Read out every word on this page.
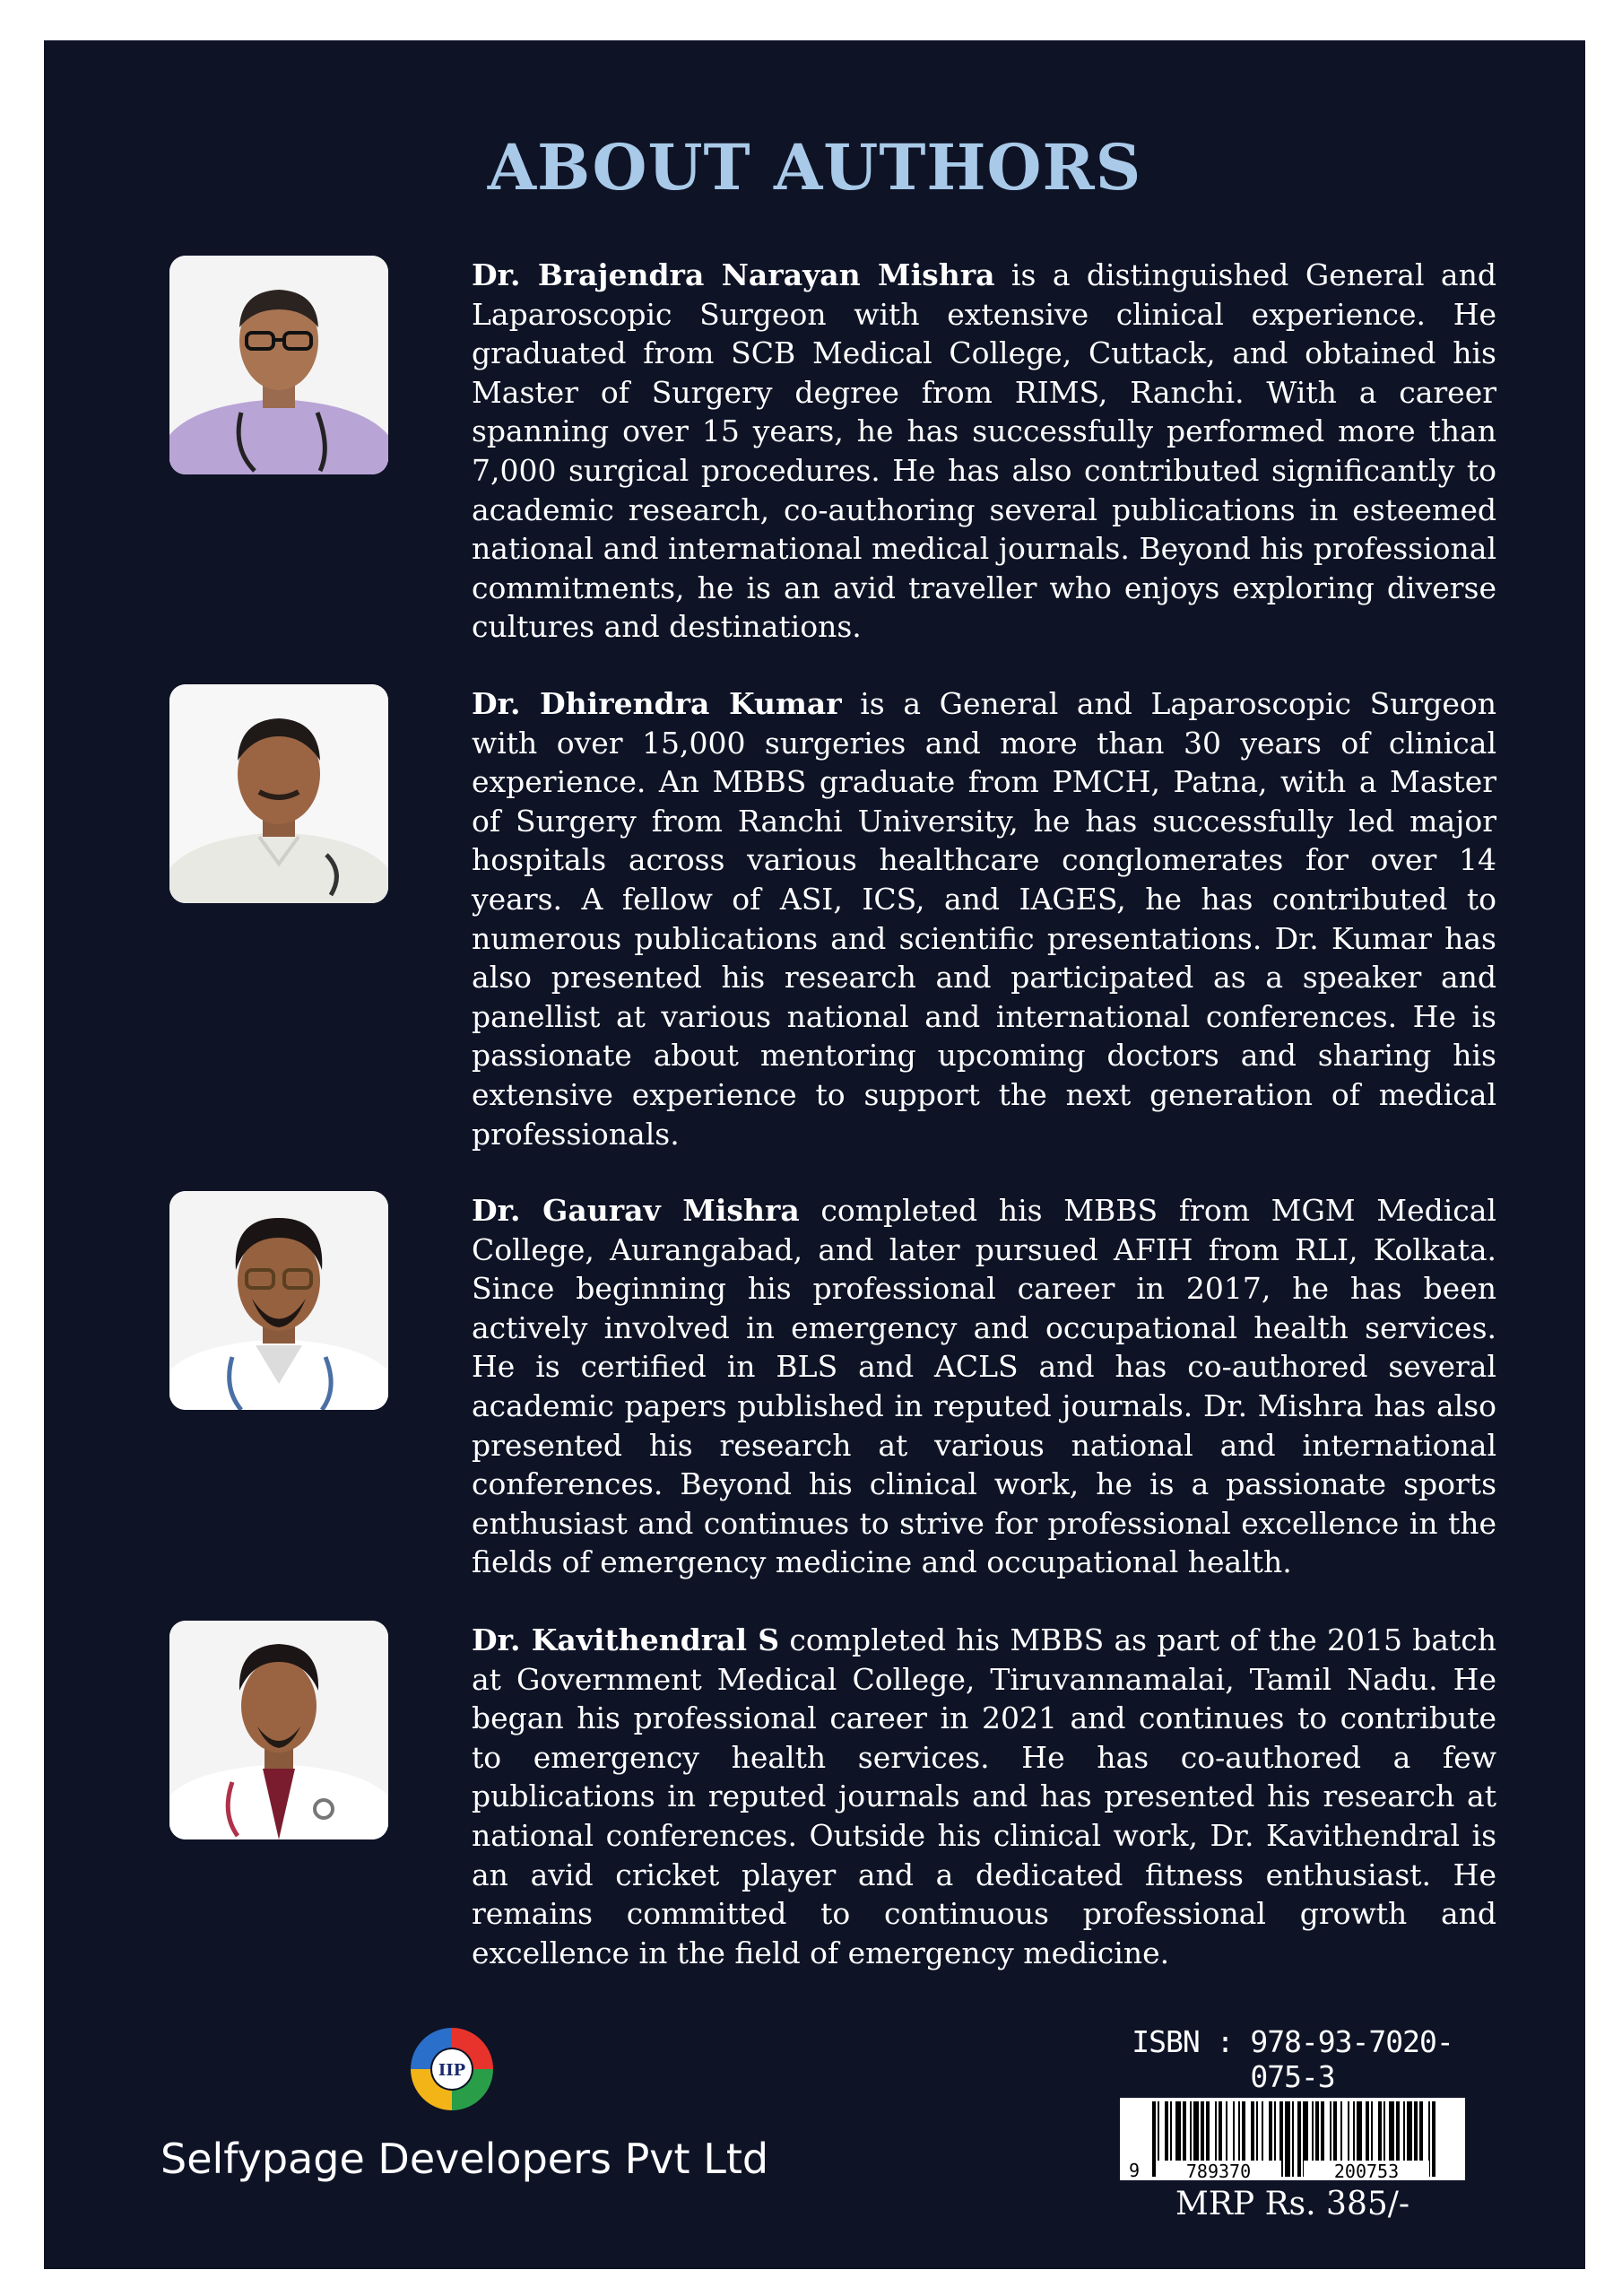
ABOUT AUTHORS

Dr. Brajendra Narayan Mishra is a distinguished General and Laparoscopic Surgeon with extensive clinical experience. He graduated from SCB Medical College, Cuttack, and obtained his Master of Surgery degree from RIMS, Ranchi. With a career spanning over 15 years, he has successfully performed more than 7,000 surgical procedures. He has also contributed significantly to academic research, co-authoring several publications in esteemed national and international medical journals. Beyond his professional commitments, he is an avid traveller who enjoys exploring diverse cultures and destinations.

Dr. Dhirendra Kumar is a General and Laparoscopic Surgeon with over 15,000 surgeries and more than 30 years of clinical experience. An MBBS graduate from PMCH, Patna, with a Master of Surgery from Ranchi University, he has successfully led major hospitals across various healthcare conglomerates for over 14 years. A fellow of ASI, ICS, and IAGES, he has contributed to numerous publications and scientific presentations. Dr. Kumar has also presented his research and participated as a speaker and panellist at various national and international conferences. He is passionate about mentoring upcoming doctors and sharing his extensive experience to support the next generation of medical professionals.

Dr. Gaurav Mishra completed his MBBS from MGM Medical College, Aurangabad, and later pursued AFIH from RLI, Kolkata. Since beginning his professional career in 2017, he has been actively involved in emergency and occupational health services. He is certified in BLS and ACLS and has co-authored several academic papers published in reputed journals. Dr. Mishra has also presented his research at various national and international conferences. Beyond his clinical work, he is a passionate sports enthusiast and continues to strive for professional excellence in the fields of emergency medicine and occupational health.

Dr. Kavithendral S completed his MBBS as part of the 2015 batch at Government Medical College, Tiruvannamalai, Tamil Nadu. He began his professional career in 2021 and continues to contribute to emergency health services. He has co-authored a few publications in reputed journals and has presented his research at national conferences. Outside his clinical work, Dr. Kavithendral is an avid cricket player and a dedicated fitness enthusiast. He remains committed to continuous professional growth and excellence in the field of emergency medicine.

IIP

Selfypage Developers Pvt Ltd

ISBN : 978-93-7020-075-3

9	789370	200753

MRP Rs. 385/-
